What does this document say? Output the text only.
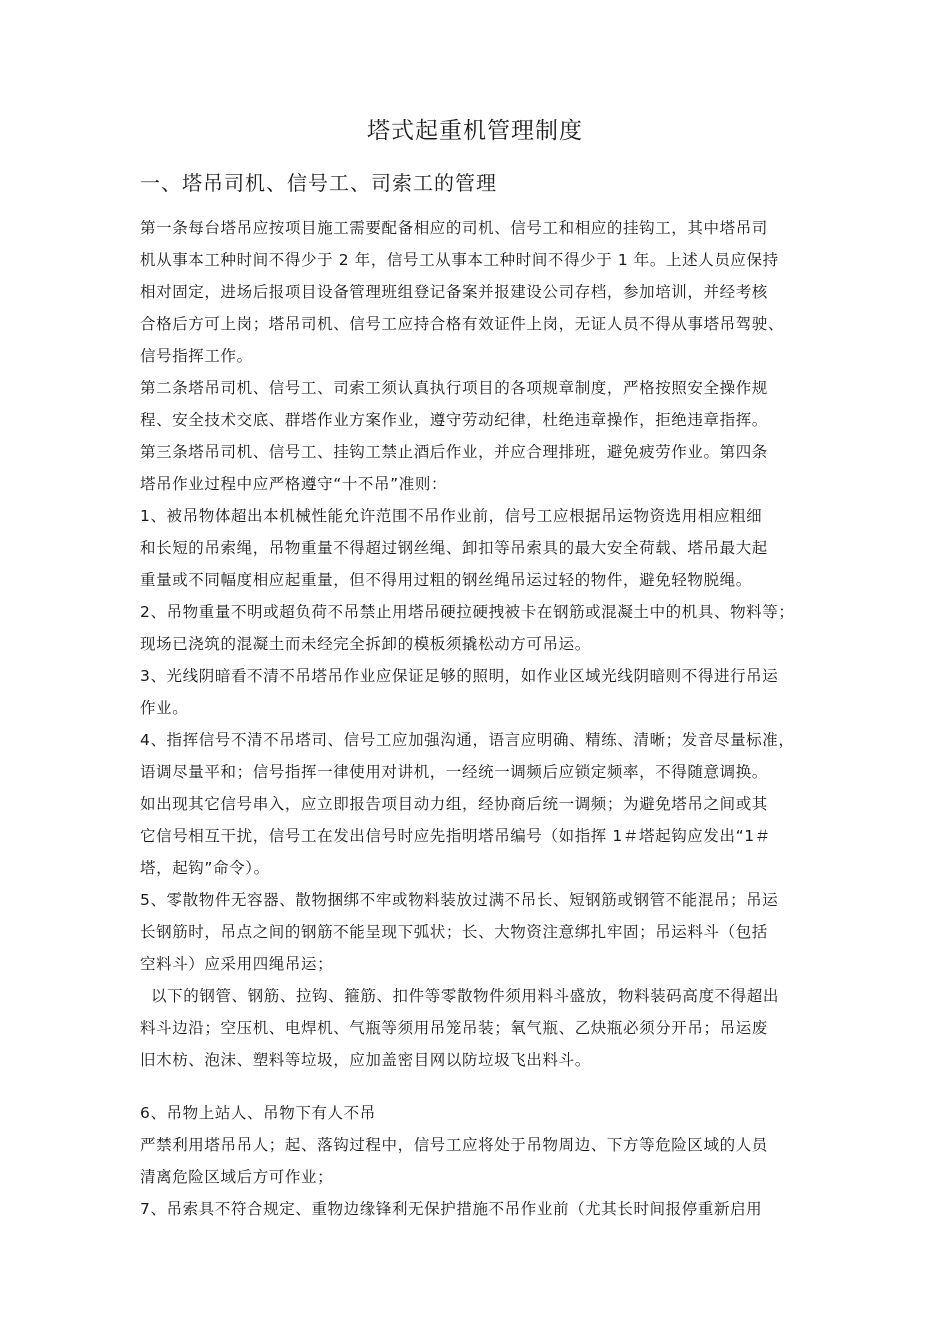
塔式起重机管理制度
一、塔吊司机、信号工、司索工的管理
第一条每台塔吊应按项目施工需要配备相应的司机、信号工和相应的挂钩工，其中塔吊司
机从事本工种时间不得少于 2 年，信号工从事本工种时间不得少于 1 年。上述人员应保持
相对固定，进场后报项目设备管理班组登记备案并报建设公司存档，参加培训，并经考核
合格后方可上岗；塔吊司机、信号工应持合格有效证件上岗，无证人员不得从事塔吊驾驶、
信号指挥工作。
第二条塔吊司机、信号工、司索工须认真执行项目的各项规章制度，严格按照安全操作规
程、安全技术交底、群塔作业方案作业，遵守劳动纪律，杜绝违章操作，拒绝违章指挥。
第三条塔吊司机、信号工、挂钩工禁止酒后作业，并应合理排班，避免疲劳作业。第四条
塔吊作业过程中应严格遵守“十不吊”准则：
1、被吊物体超出本机械性能允许范围不吊作业前，信号工应根据吊运物资选用相应粗细
和长短的吊索绳，吊物重量不得超过钢丝绳、卸扣等吊索具的最大安全荷载、塔吊最大起
重量或不同幅度相应起重量，但不得用过粗的钢丝绳吊运过轻的物件，避免轻物脱绳。
2、吊物重量不明或超负荷不吊禁止用塔吊硬拉硬拽被卡在钢筋或混凝土中的机具、物料等；
现场已浇筑的混凝土而未经完全拆卸的模板须撬松动方可吊运。
3、光线阴暗看不清不吊塔吊作业应保证足够的照明，如作业区域光线阴暗则不得进行吊运
作业。
4、指挥信号不清不吊塔司、信号工应加强沟通，语言应明确、精练、清晰；发音尽量标准，
语调尽量平和；信号指挥一律使用对讲机，一经统一调频后应锁定频率，不得随意调换。
如出现其它信号串入，应立即报告项目动力组，经协商后统一调频；为避免塔吊之间或其
它信号相互干扰，信号工在发出信号时应先指明塔吊编号（如指挥 1＃塔起钩应发出“1＃
塔，起钩”命令）。
5、零散物件无容器、散物捆绑不牢或物料装放过满不吊长、短钢筋或钢管不能混吊；吊运
长钢筋时，吊点之间的钢筋不能呈现下弧状；长、大物资注意绑扎牢固；吊运料斗（包括
空料斗）应采用四绳吊运；
以下的钢管、钢筋、拉钩、箍筋、扣件等零散物件须用料斗盛放，物料装码高度不得超出
料斗边沿；空压机、电焊机、气瓶等须用吊笼吊装；氧气瓶、乙炔瓶必须分开吊；吊运废
旧木枋、泡沫、塑料等垃圾，应加盖密目网以防垃圾飞出料斗。
6、吊物上站人、吊物下有人不吊
严禁利用塔吊吊人；起、落钩过程中，信号工应将处于吊物周边、下方等危险区域的人员
清离危险区域后方可作业；
7、吊索具不符合规定、重物边缘锋利无保护措施不吊作业前（尤其长时间报停重新启用
